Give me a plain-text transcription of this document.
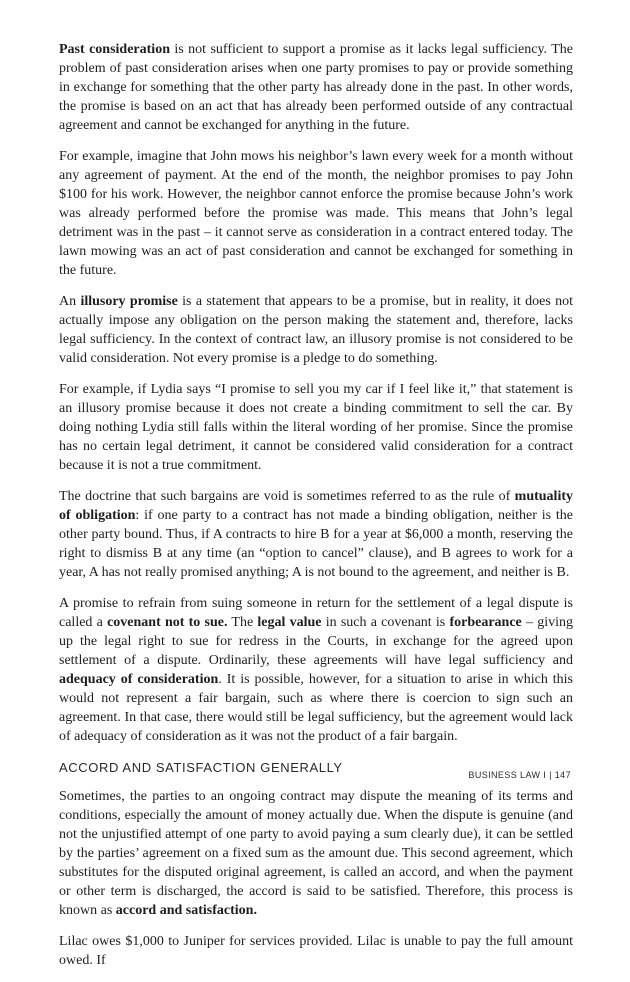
Past consideration is not sufficient to support a promise as it lacks legal sufficiency. The problem of past consideration arises when one party promises to pay or provide something in exchange for something that the other party has already done in the past. In other words, the promise is based on an act that has already been performed outside of any contractual agreement and cannot be exchanged for anything in the future.

For example, imagine that John mows his neighbor’s lawn every week for a month without any agreement of payment. At the end of the month, the neighbor promises to pay John $100 for his work. However, the neighbor cannot enforce the promise because John’s work was already performed before the promise was made. This means that John’s legal detriment was in the past – it cannot serve as consideration in a contract entered today. The lawn mowing was an act of past consideration and cannot be exchanged for something in the future.

An illusory promise is a statement that appears to be a promise, but in reality, it does not actually impose any obligation on the person making the statement and, therefore, lacks legal sufficiency. In the context of contract law, an illusory promise is not considered to be valid consideration. Not every promise is a pledge to do something.

For example, if Lydia says “I promise to sell you my car if I feel like it,” that statement is an illusory promise because it does not create a binding commitment to sell the car. By doing nothing Lydia still falls within the literal wording of her promise. Since the promise has no certain legal detriment, it cannot be considered valid consideration for a contract because it is not a true commitment.

The doctrine that such bargains are void is sometimes referred to as the rule of mutuality of obligation: if one party to a contract has not made a binding obligation, neither is the other party bound. Thus, if A contracts to hire B for a year at $6,000 a month, reserving the right to dismiss B at any time (an “option to cancel” clause), and B agrees to work for a year, A has not really promised anything; A is not bound to the agreement, and neither is B.

A promise to refrain from suing someone in return for the settlement of a legal dispute is called a covenant not to sue. The legal value in such a covenant is forbearance – giving up the legal right to sue for redress in the Courts, in exchange for the agreed upon settlement of a dispute. Ordinarily, these agreements will have legal sufficiency and adequacy of consideration. It is possible, however, for a situation to arise in which this would not represent a fair bargain, such as where there is coercion to sign such an agreement. In that case, there would still be legal sufficiency, but the agreement would lack of adequacy of consideration as it was not the product of a fair bargain.

ACCORD AND SATISFACTION GENERALLY

Sometimes, the parties to an ongoing contract may dispute the meaning of its terms and conditions, especially the amount of money actually due. When the dispute is genuine (and not the unjustified attempt of one party to avoid paying a sum clearly due), it can be settled by the parties’ agreement on a fixed sum as the amount due. This second agreement, which substitutes for the disputed original agreement, is called an accord, and when the payment or other term is discharged, the accord is said to be satisfied. Therefore, this process is known as accord and satisfaction.

Lilac owes $1,000 to Juniper for services provided. Lilac is unable to pay the full amount owed. If

BUSINESS LAW I | 147
